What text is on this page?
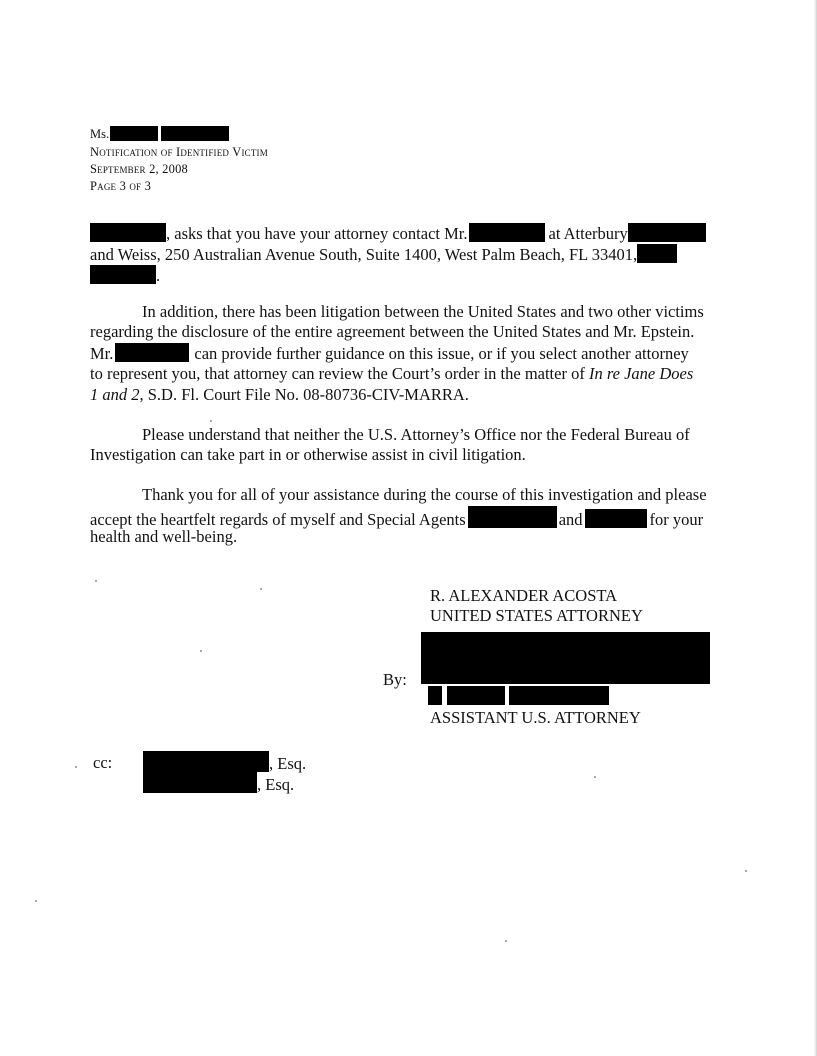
Ms.
Notification of Identified Victim
September 2, 2008
Page 3 of 3
, asks that you have your attorney contact Mr.	at Atterbury
and Weiss, 250 Australian Avenue South, Suite 1400, West Palm Beach, FL 33401,
.
In addition, there has been litigation between the United States and two other victims
regarding the disclosure of the entire agreement between the United States and Mr. Epstein.
Mr.	can provide further guidance on this issue, or if you select another attorney
to represent you, that attorney can review the Court’s order in the matter of In re Jane Does
1 and 2, S.D. Fl. Court File No. 08-80736-CIV-MARRA.
Please understand that neither the U.S. Attorney’s Office nor the Federal Bureau of
Investigation can take part in or otherwise assist in civil litigation.
Thank you for all of your assistance during the course of this investigation and please
accept the heartfelt regards of myself and Special Agents	and	for your
health and well-being.
R. ALEXANDER ACOSTA
UNITED STATES ATTORNEY
By:
ASSISTANT U.S. ATTORNEY
cc:	, Esq.
, Esq.
